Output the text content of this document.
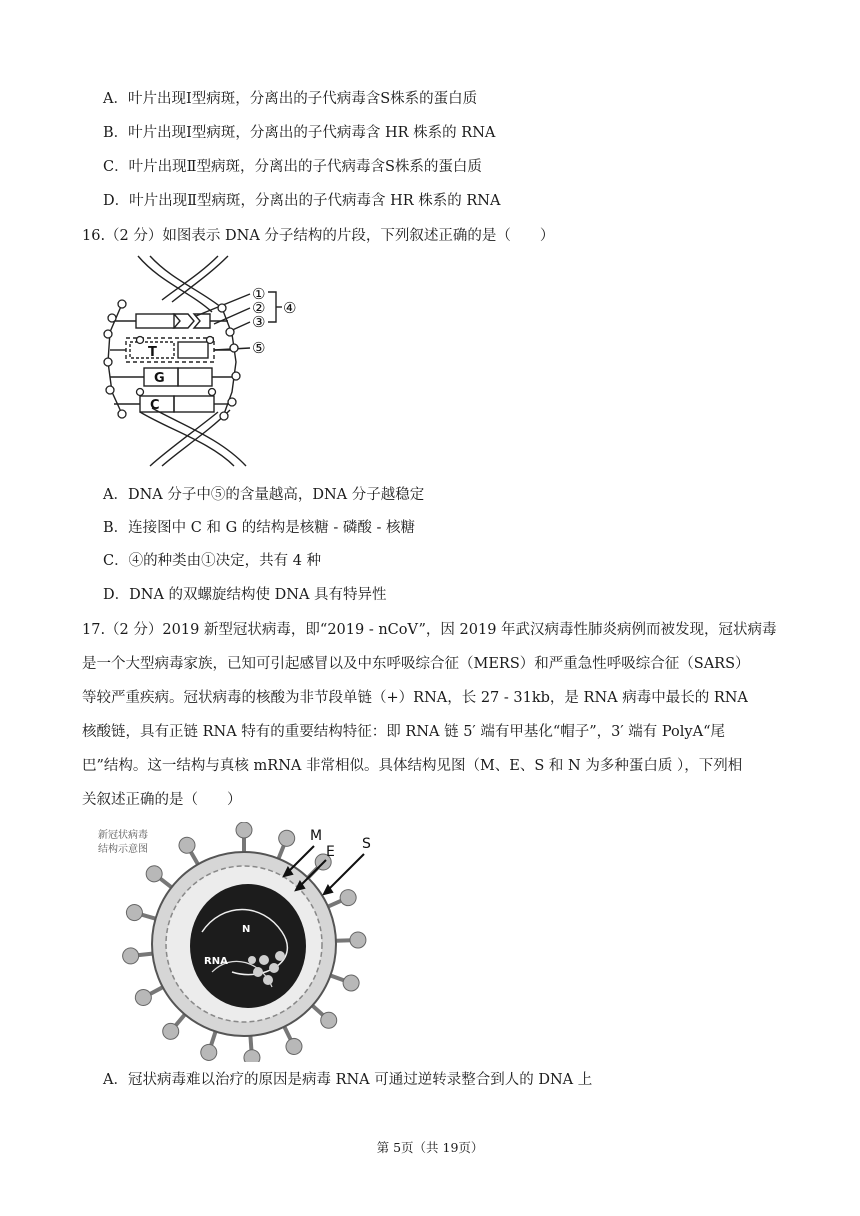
A．叶片出现Ⅰ型病斑，分离出的子代病毒含S株系的蛋白质
B．叶片出现Ⅰ型病斑，分离出的子代病毒含 HR 株系的 RNA
C．叶片出现Ⅱ型病斑，分离出的子代病毒含S株系的蛋白质
D．叶片出现Ⅱ型病斑，分离出的子代病毒含 HR 株系的 RNA
16.（2 分）如图表示 DNA 分子结构的片段，下列叙述正确的是（　　）
①
②
③
④
⑤
T
G
C
A．DNA 分子中⑤的含量越高，DNA 分子越稳定
B．连接图中 C 和 G 的结构是核糖 - 磷酸 - 核糖
C．④的种类由①决定，共有 4 种
D．DNA 的双螺旋结构使 DNA 具有特异性
17.（2 分）2019 新型冠状病毒，即“2019 - nCoV”，因 2019 年武汉病毒性肺炎病例而被发现，冠状病毒
是一个大型病毒家族，已知可引起感冒以及中东呼吸综合征（MERS）和严重急性呼吸综合征（SARS）
等较严重疾病。冠状病毒的核酸为非节段单链（+）RNA，长 27 - 31kb，是 RNA 病毒中最长的 RNA
核酸链，具有正链 RNA 特有的重要结构特征：即 RNA 链 5′ 端有甲基化“帽子”，3′ 端有 PolyA“尾
巴”结构。这一结构与真核 mRNA 非常相似。具体结构见图（M、E、S 和 N 为多种蛋白质 ），下列相
关叙述正确的是（　　）
新冠状病毒
结构示意图
N
RNA
M
E S
A．冠状病毒难以治疗的原因是病毒 RNA 可通过逆转录整合到人的 DNA 上
第 5页（共 19页）
